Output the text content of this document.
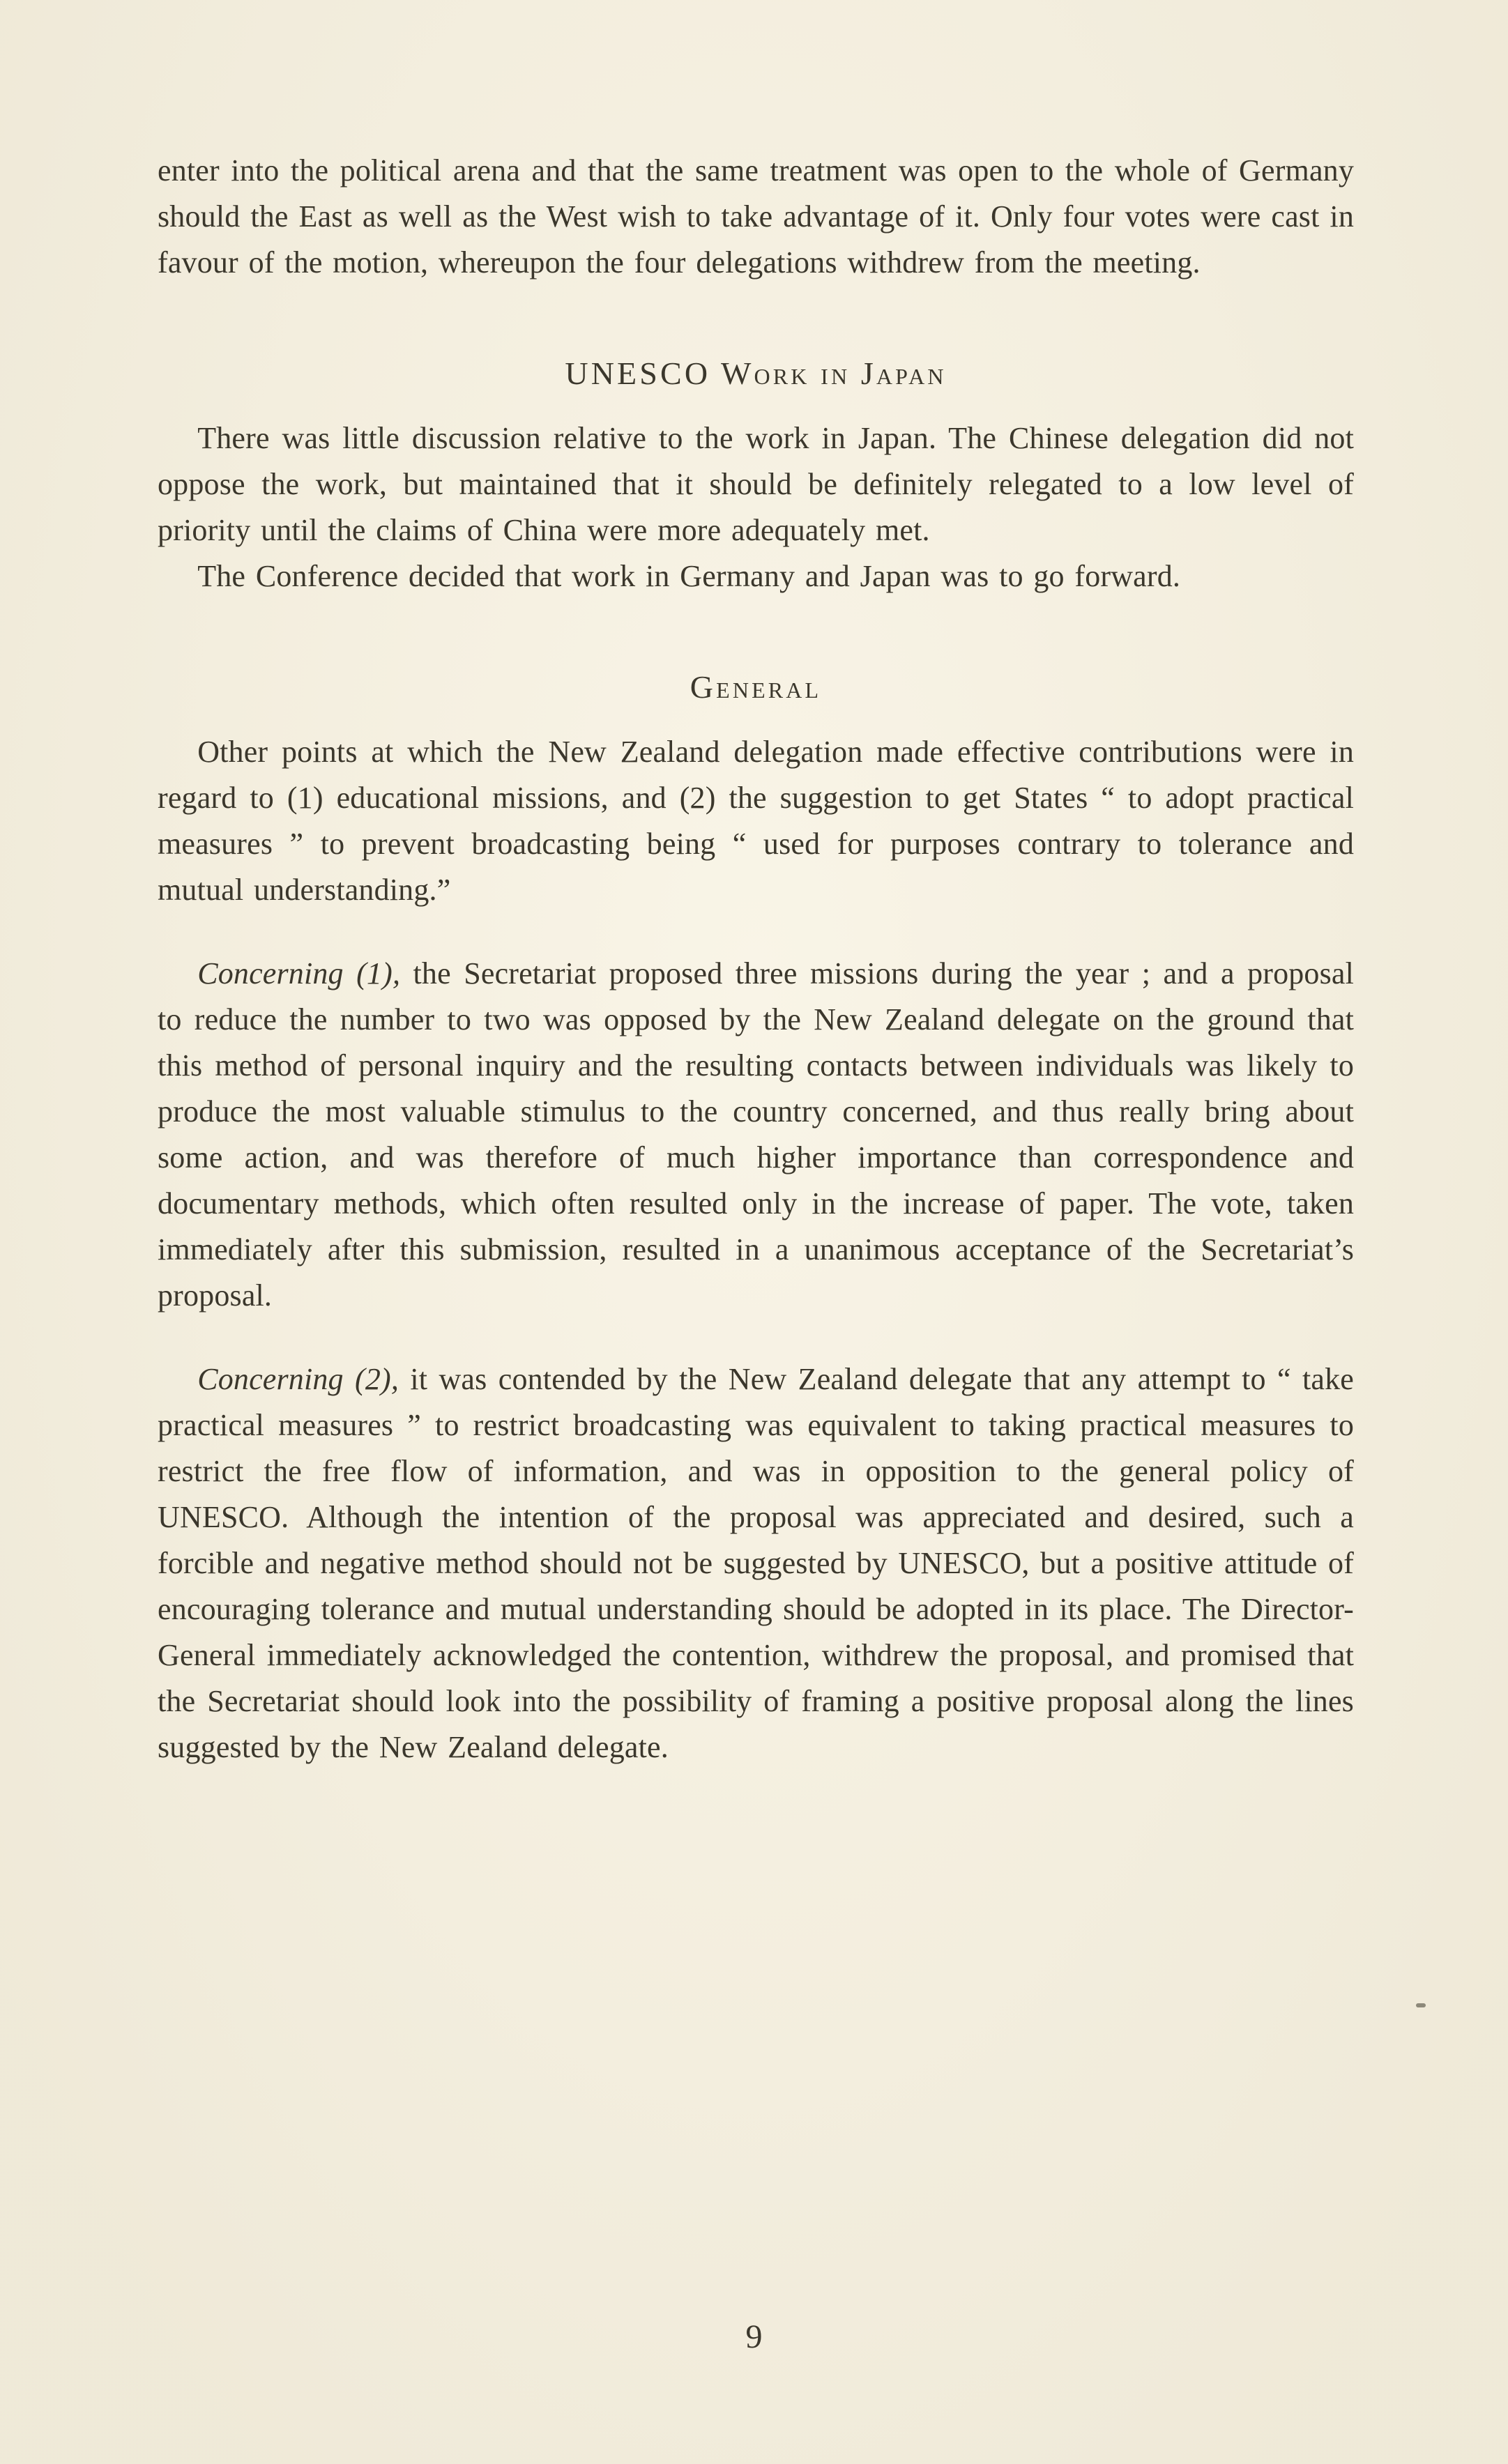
enter into the political arena and that the same treatment was open to the whole of Germany should the East as well as the West wish to take advantage of it. Only four votes were cast in favour of the motion, whereupon the four delegations withdrew from the meeting.

UNESCO Work in Japan

There was little discussion relative to the work in Japan. The Chinese delegation did not oppose the work, but maintained that it should be definitely relegated to a low level of priority until the claims of China were more adequately met.

The Conference decided that work in Germany and Japan was to go forward.

General

Other points at which the New Zealand delegation made effective contributions were in regard to (1) educational missions, and (2) the suggestion to get States “ to adopt practical measures ” to prevent broadcasting being “ used for purposes contrary to tolerance and mutual understanding.”

Concerning (1), the Secretariat proposed three missions during the year ; and a proposal to reduce the number to two was opposed by the New Zealand delegate on the ground that this method of personal inquiry and the resulting contacts between individuals was likely to produce the most valuable stimulus to the country concerned, and thus really bring about some action, and was therefore of much higher importance than correspondence and documentary methods, which often resulted only in the increase of paper. The vote, taken immediately after this submission, resulted in a unanimous acceptance of the Secretariat’s proposal.

Concerning (2), it was contended by the New Zealand delegate that any attempt to “ take practical measures ” to restrict broadcasting was equivalent to taking practical measures to restrict the free flow of information, and was in opposition to the general policy of UNESCO. Although the intention of the proposal was appreciated and desired, such a forcible and negative method should not be suggested by UNESCO, but a positive attitude of encouraging tolerance and mutual understanding should be adopted in its place. The Director-General immediately acknowledged the contention, withdrew the proposal, and promised that the Secretariat should look into the possibility of framing a positive proposal along the lines suggested by the New Zealand delegate.

9
